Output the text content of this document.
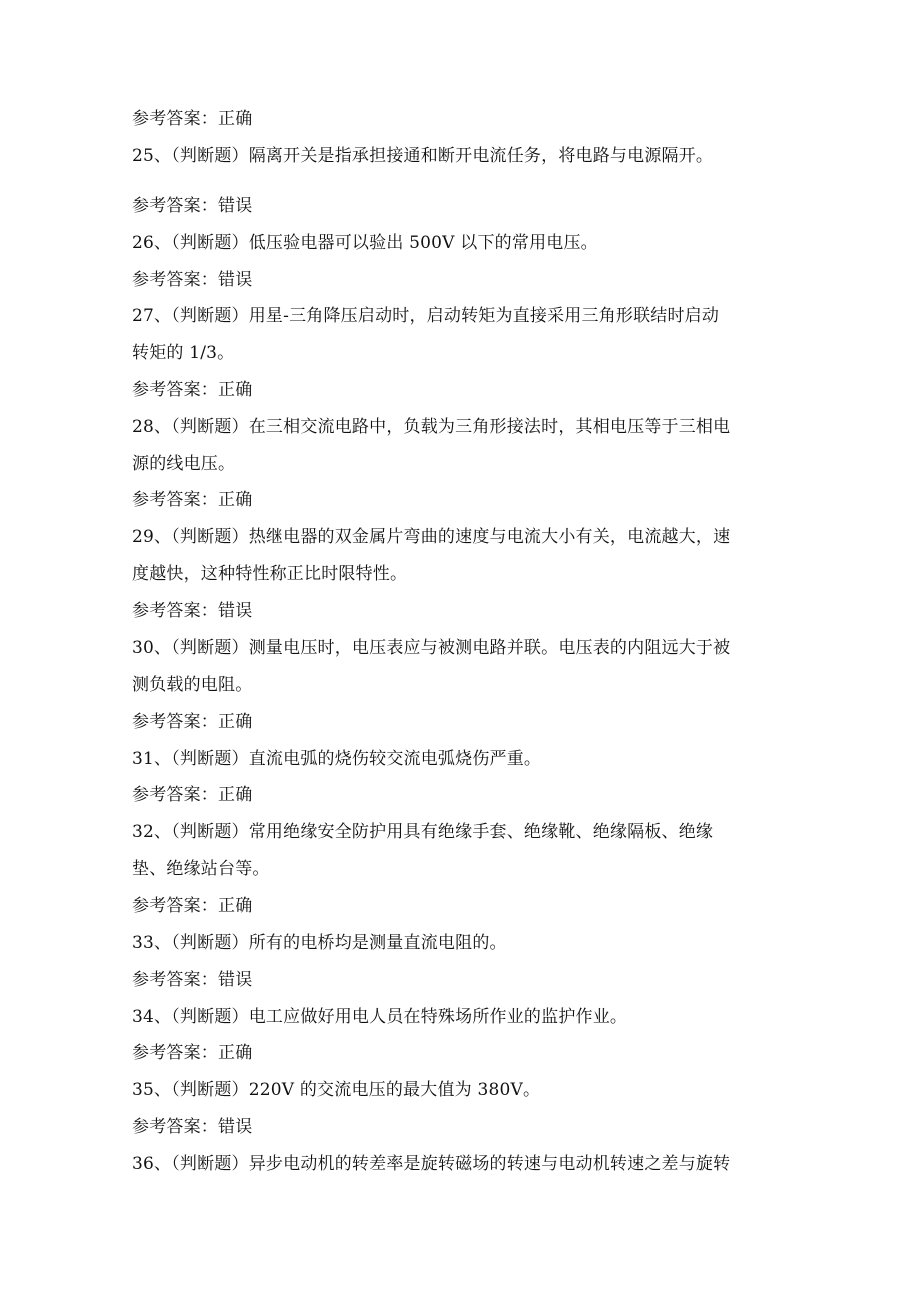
参考答案：正确
25、（判断题）隔离开关是指承担接通和断开电流任务，将电路与电源隔开。
参考答案：错误
26、（判断题）低压验电器可以验出 500V 以下的常用电压。
参考答案：错误
27、（判断题）用星-三角降压启动时，启动转矩为直接采用三角形联结时启动
转矩的 1/3。
参考答案：正确
28、（判断题）在三相交流电路中，负载为三角形接法时，其相电压等于三相电
源的线电压。
参考答案：正确
29、（判断题）热继电器的双金属片弯曲的速度与电流大小有关，电流越大，速
度越快，这种特性称正比时限特性。
参考答案：错误
30、（判断题）测量电压时，电压表应与被测电路并联。电压表的内阻远大于被
测负载的电阻。
参考答案：正确
31、（判断题）直流电弧的烧伤较交流电弧烧伤严重。
参考答案：正确
32、（判断题）常用绝缘安全防护用具有绝缘手套、绝缘靴、绝缘隔板、绝缘
垫、绝缘站台等。
参考答案：正确
33、（判断题）所有的电桥均是测量直流电阻的。
参考答案：错误
34、（判断题）电工应做好用电人员在特殊场所作业的监护作业。
参考答案：正确
35、（判断题）220V 的交流电压的最大值为 380V。
参考答案：错误
36、（判断题）异步电动机的转差率是旋转磁场的转速与电动机转速之差与旋转
